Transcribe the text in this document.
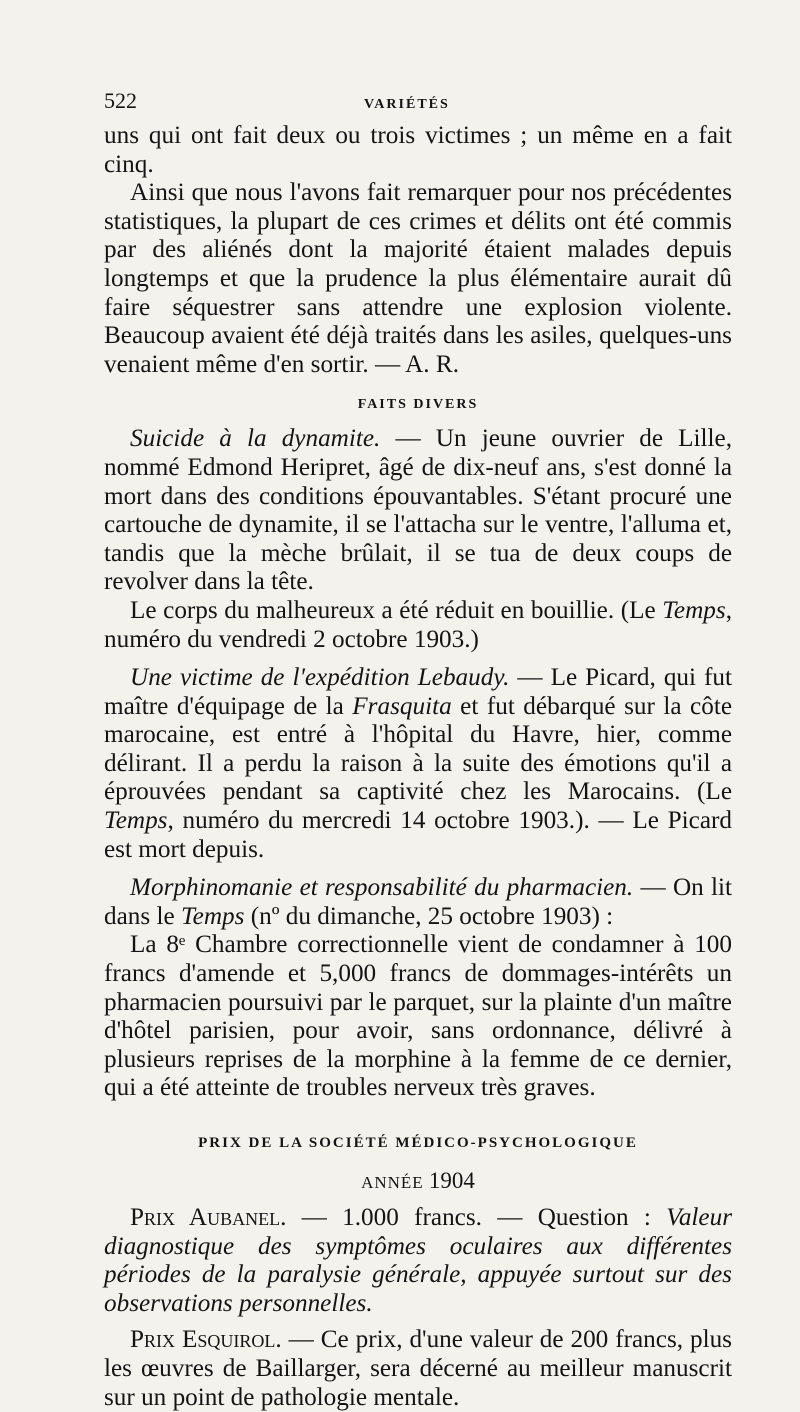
522	VARIÉTÉS

uns qui ont fait deux ou trois victimes ; un même en a fait cinq.

Ainsi que nous l'avons fait remarquer pour nos précédentes statistiques, la plupart de ces crimes et délits ont été commis par des aliénés dont la majorité étaient malades depuis longtemps et que la prudence la plus élémentaire aurait dû faire séquestrer sans attendre une explosion violente. Beaucoup avaient été déjà traités dans les asiles, quelques-uns venaient même d'en sortir. — A. R.

FAITS DIVERS

Suicide à la dynamite. — Un jeune ouvrier de Lille, nommé Edmond Heripret, âgé de dix-neuf ans, s'est donné la mort dans des conditions épouvantables. S'étant procuré une cartouche de dynamite, il se l'attacha sur le ventre, l'alluma et, tandis que la mèche brûlait, il se tua de deux coups de revolver dans la tête.

Le corps du malheureux a été réduit en bouillie. (Le Temps, numéro du vendredi 2 octobre 1903.)

Une victime de l'expédition Lebaudy. — Le Picard, qui fut maître d'équipage de la Frasquita et fut débarqué sur la côte marocaine, est entré à l'hôpital du Havre, hier, comme délirant. Il a perdu la raison à la suite des émotions qu'il a éprouvées pendant sa captivité chez les Marocains. (Le Temps, numéro du mercredi 14 octobre 1903.). — Le Picard est mort depuis.

Morphinomanie et responsabilité du pharmacien. — On lit dans le Temps (nº du dimanche, 25 octobre 1903) :

La 8ᵉ Chambre correctionnelle vient de condamner à 100 francs d'amende et 5,000 francs de dommages-intérêts un pharmacien poursuivi par le parquet, sur la plainte d'un maître d'hôtel parisien, pour avoir, sans ordonnance, délivré à plusieurs reprises de la morphine à la femme de ce dernier, qui a été atteinte de troubles nerveux très graves.

PRIX DE LA SOCIÉTÉ MÉDICO-PSYCHOLOGIQUE
ANNÉE 1904

Prix Aubanel. — 1.000 francs. — Question : Valeur diagnostique des symptômes oculaires aux différentes périodes de la paralysie générale, appuyée surtout sur des observations personnelles.

Prix Esquirol. — Ce prix, d'une valeur de 200 francs, plus les œuvres de Baillarger, sera décerné au meilleur manuscrit sur un point de pathologie mentale.
